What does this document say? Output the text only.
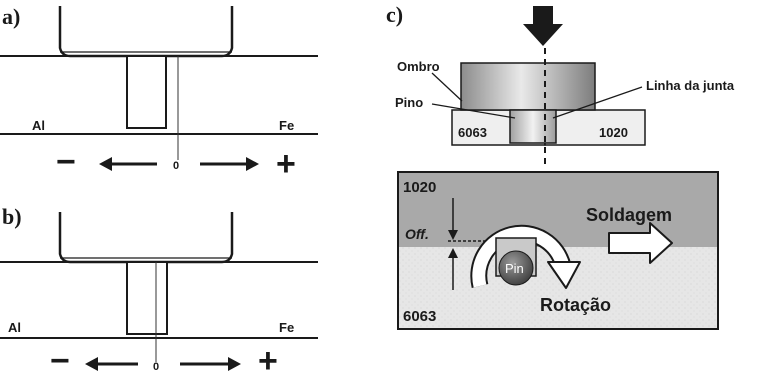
a)
Al	Fe
−	0	+
b)
Al	Fe
−	0	+
c)
Ombro
Pino
Linha da junta
6063	1020
1020
6063
Off.
Pin
Soldagem
Rotação
